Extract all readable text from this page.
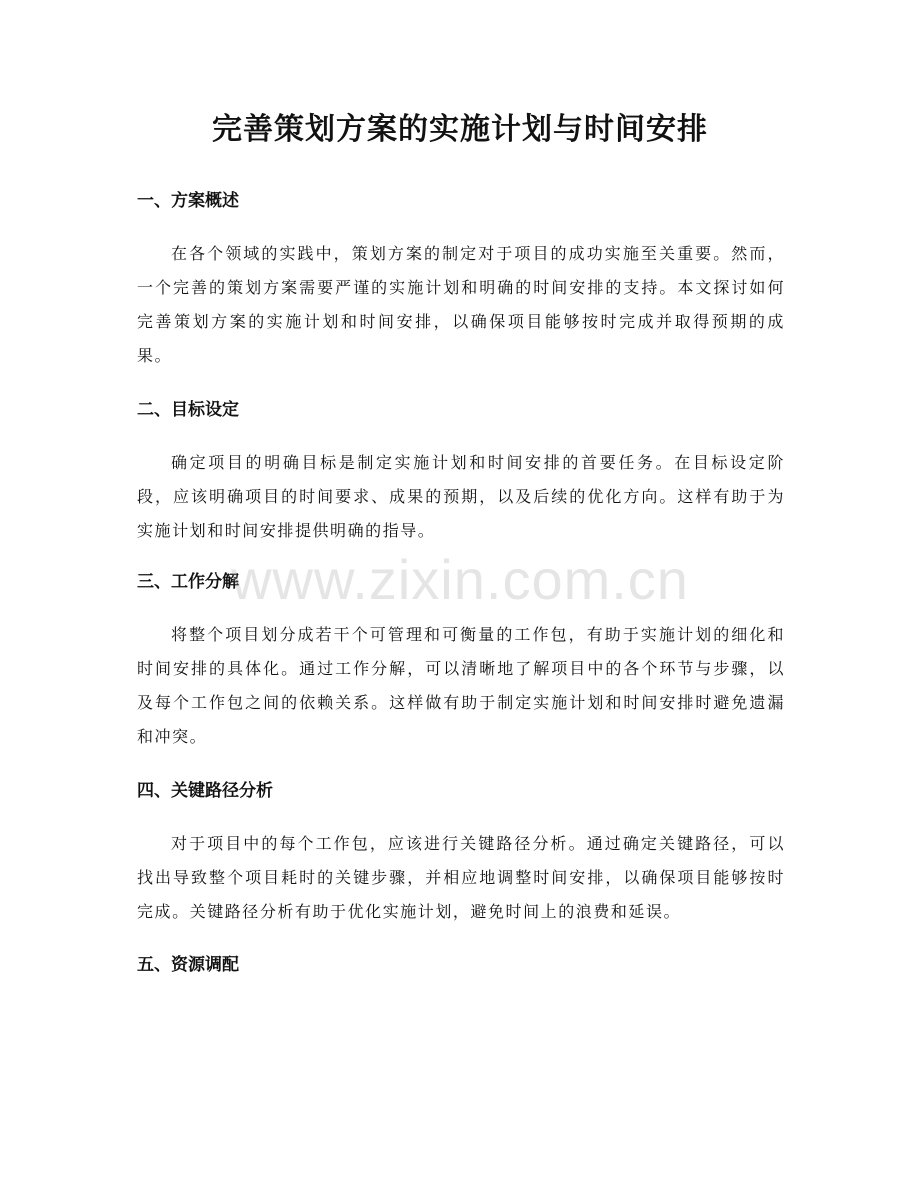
完善策划方案的实施计划与时间安排
一、方案概述

在各个领域的实践中，策划方案的制定对于项目的成功实施至关重要。然而，一个完善的策划方案需要严谨的实施计划和明确的时间安排的支持。本文探讨如何完善策划方案的实施计划和时间安排，以确保项目能够按时完成并取得预期的成果。

二、目标设定

确定项目的明确目标是制定实施计划和时间安排的首要任务。在目标设定阶段，应该明确项目的时间要求、成果的预期，以及后续的优化方向。这样有助于为实施计划和时间安排提供明确的指导。

三、工作分解

将整个项目划分成若干个可管理和可衡量的工作包，有助于实施计划的细化和时间安排的具体化。通过工作分解，可以清晰地了解项目中的各个环节与步骤，以及每个工作包之间的依赖关系。这样做有助于制定实施计划和时间安排时避免遗漏和冲突。

四、关键路径分析

对于项目中的每个工作包，应该进行关键路径分析。通过确定关键路径，可以找出导致整个项目耗时的关键步骤，并相应地调整时间安排，以确保项目能够按时完成。关键路径分析有助于优化实施计划，避免时间上的浪费和延误。

五、资源调配
www.zixin.com.cn
